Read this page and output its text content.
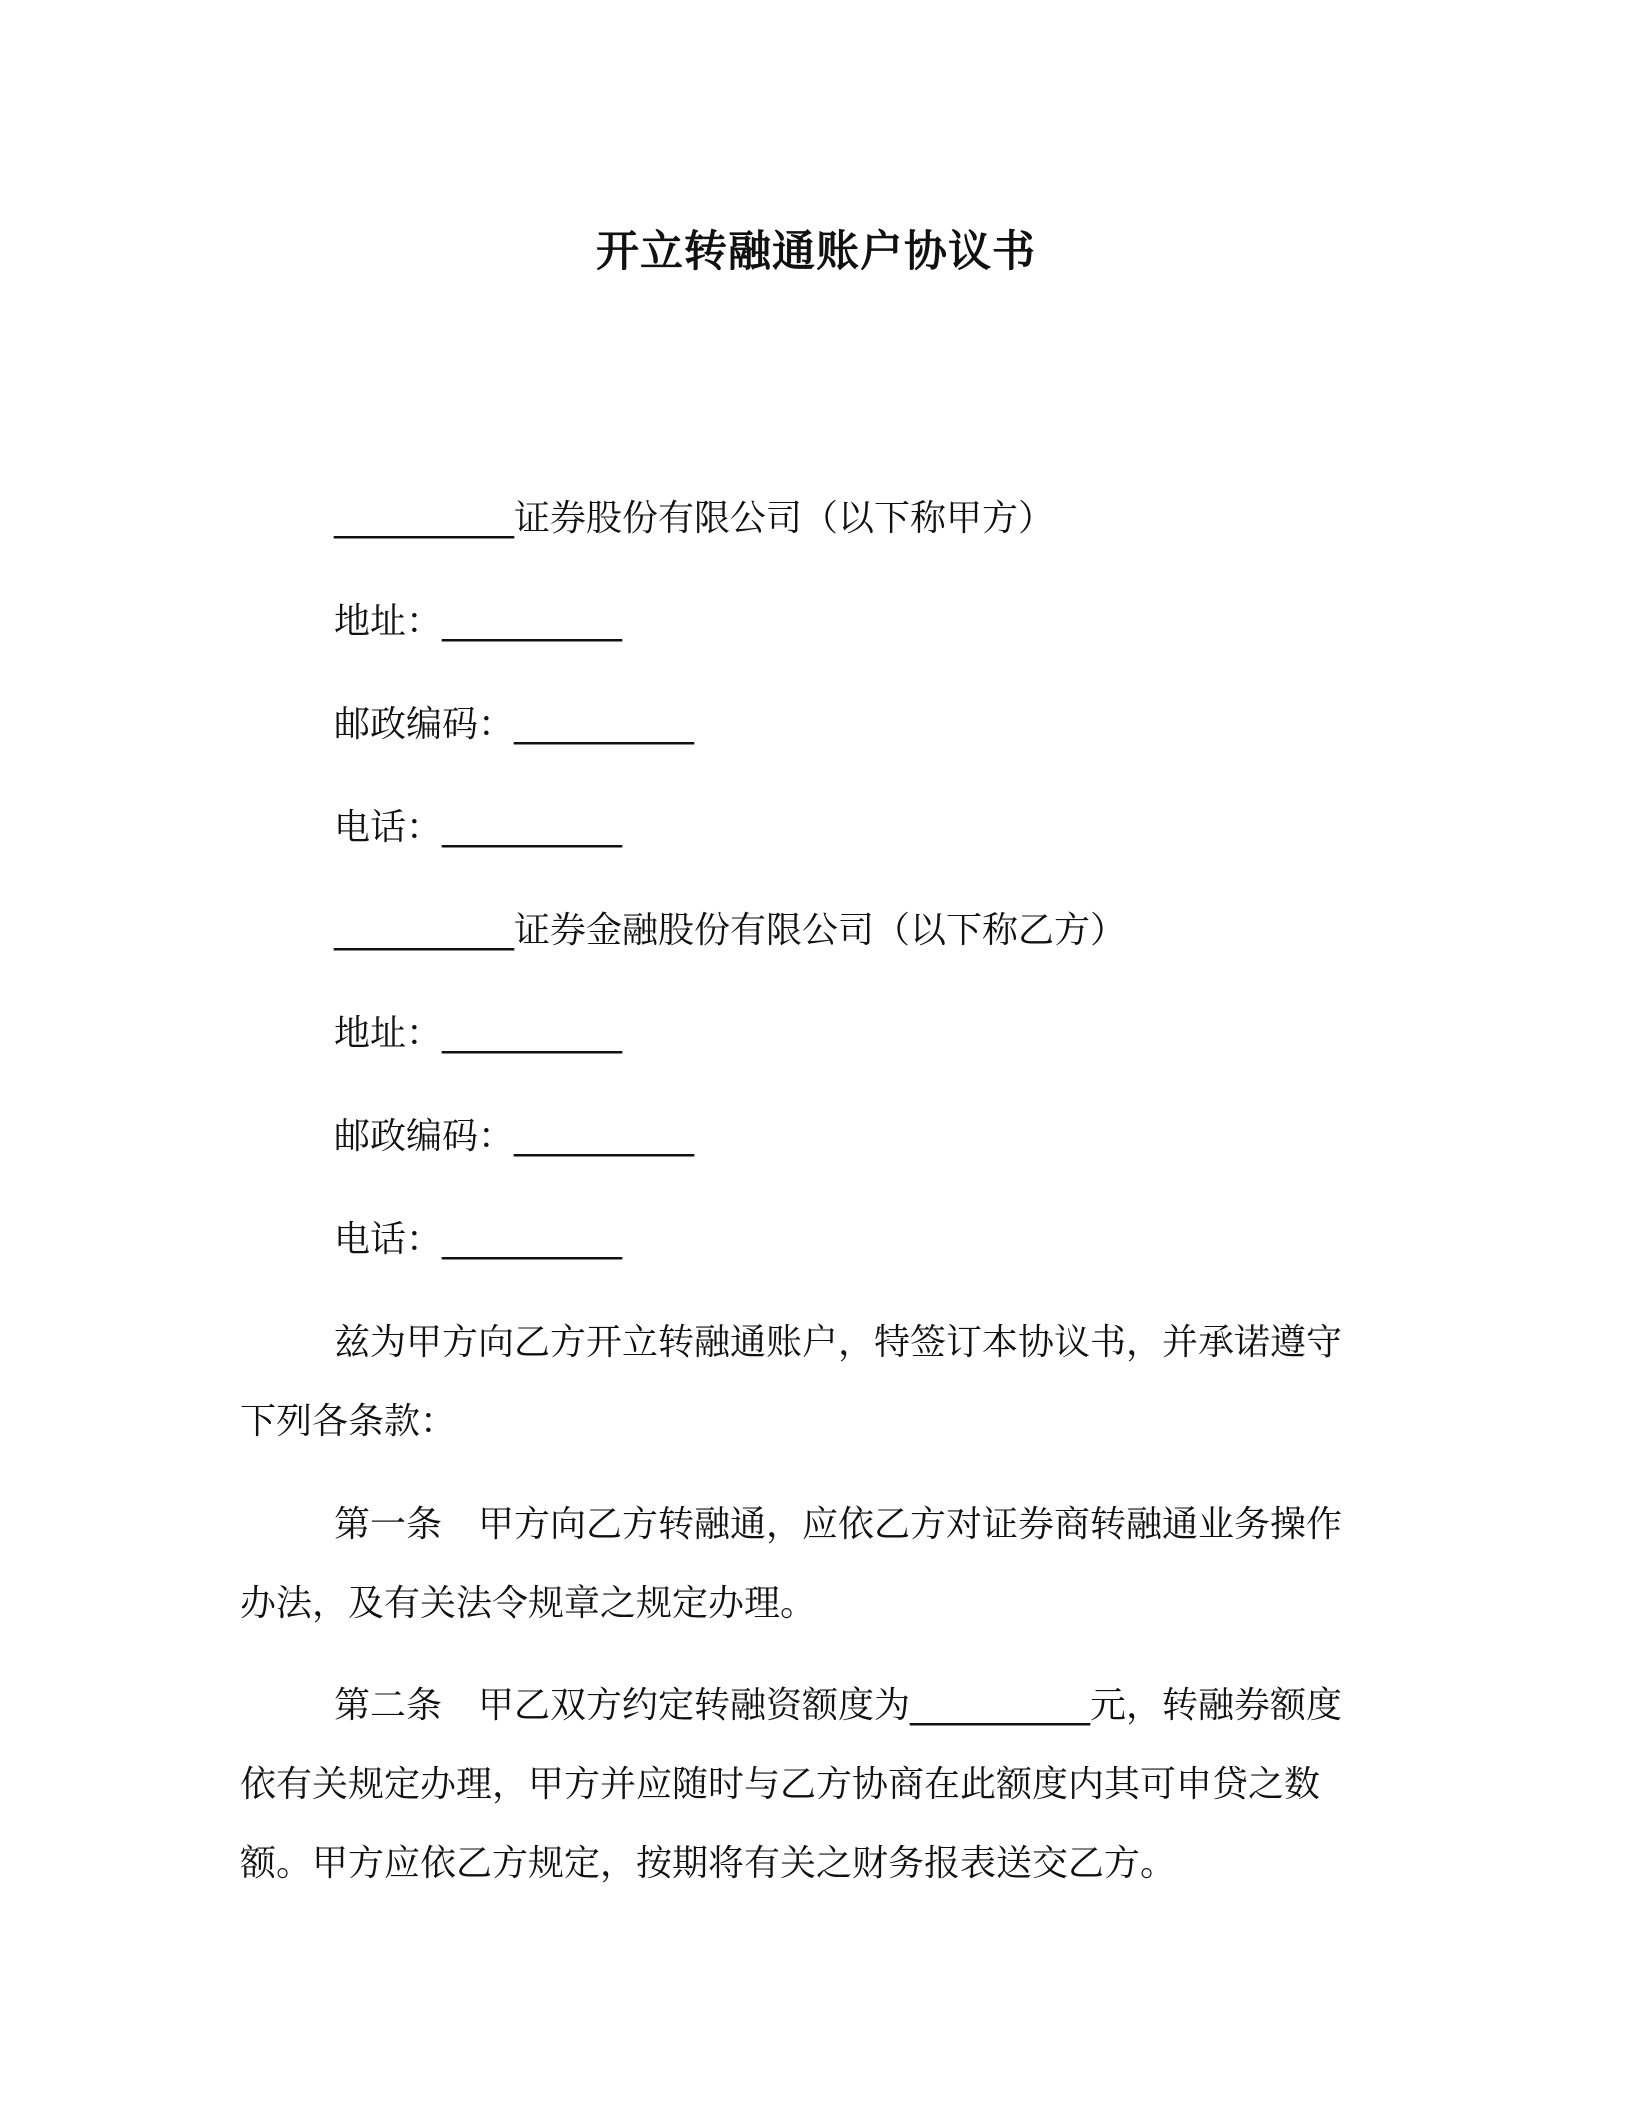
开立转融通账户协议书
__________证券股份有限公司（以下称甲方）
地址：__________
邮政编码：__________
电话：__________
__________证券金融股份有限公司（以下称乙方）
地址：__________
邮政编码：__________
电话：__________
兹为甲方向乙方开立转融通账户，特签订本协议书，并承诺遵守
下列各条款：
第一条　甲方向乙方转融通，应依乙方对证券商转融通业务操作
办法，及有关法令规章之规定办理。
第二条　甲乙双方约定转融资额度为__________元，转融券额度
依有关规定办理，甲方并应随时与乙方协商在此额度内其可申贷之数
额。甲方应依乙方规定，按期将有关之财务报表送交乙方。
